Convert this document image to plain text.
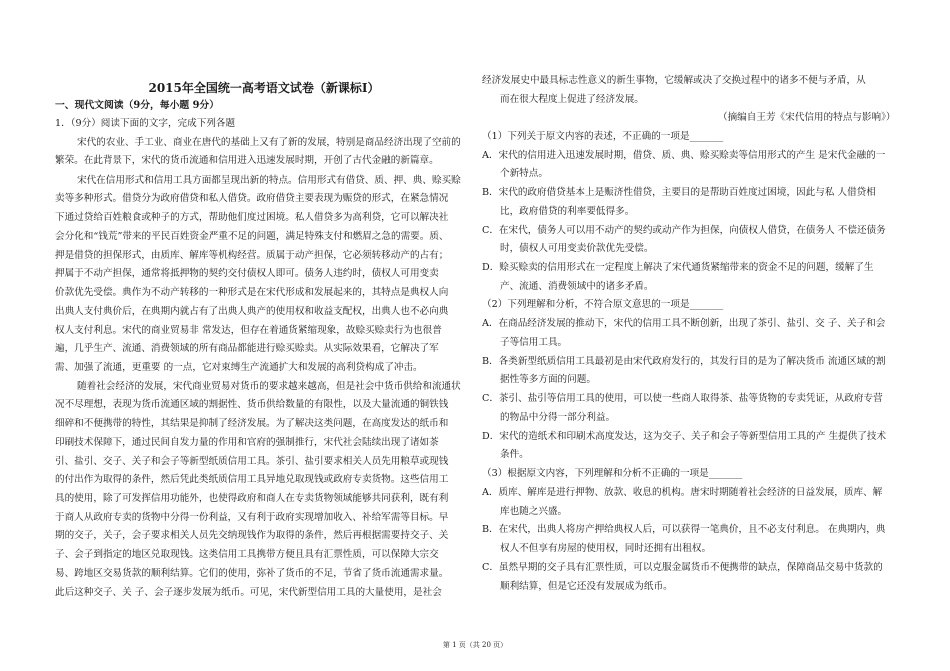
2015年全国统一高考语文试卷（新课标Ⅰ）
一、现代文阅读（9分，每小题 9分）
1．（9分）阅读下面的文字，完成下列各题
宋代的农业、手工业、商业在唐代的基础上又有了新的发展，特别是商品经济出现了空前的
繁荣。在此背景下，宋代的货币流通和信用进入迅速发展时期，开创了古代金融的新篇章。
宋代在信用形式和信用工具方面都呈现出新的特点。信用形式有借贷、质、押、典、赊买赊
卖等多种形式。借贷分为政府借贷和私人借贷。政府借贷主要表现为赈贷的形式，在紧急情况
下通过贷给百姓粮食或种子的方式，帮助他们度过困境。私人借贷多为高利贷，它可以解决社
会分化和“钱荒”带来的平民百姓资金严重不足的问题，满足特殊支付和燃眉之急的需要。质、
押是借贷的担保形式，由质库、解库等机构经营。质属于动产担保，它必须转移动产的占有；
押属于不动产担保，通常将抵押物的契约交付债权人即可。债务人违约时，债权人可用变卖
价款优先受偿。典作为不动产转移的一种形式是在宋代形成和发展起来的，其特点是典权人向
出典人支付典价后，在典期内就占有了出典人典产的使用权和收益支配权，出典人也不必向典
权人支付利息。宋代的商业贸易非 常发达，但存在着通货紧缩现象，故赊买赊卖行为也很普
遍，几乎生产、流通、消费领域的所有商品都能进行赊买赊卖。从实际效果看，它解决了军
需、加强了流通，更重要 的一点，它对束缚生产流通扩大和发展的高利贷构成了冲击。
随着社会经济的发展，宋代商业贸易对货币的要求越来越高，但是社会中货币供给和流通状
况不尽理想，表现为货币流通区域的割据性、货币供给数量的有限性，以及大量流通的铜铁钱
细碎和不便携带的特性，其结果是抑制了经济发展。为了解决这类问题，在高度发达的纸币和
印刷技术保障下，通过民间自发力量的作用和官府的强制推行，宋代社会陆续出现了诸如茶
引、盐引、交子、关子和会子等新型纸质信用工具。茶引、盐引要求相关人员先用粮草或现钱
的付出作为取得的条件，然后凭此类纸质信用工具异地兑取现钱或政府专卖货物。这些信用工
具的使用，除了可发挥信用功能外，也使得政府和商人在专卖货物领域能够共同获利，既有利
于商人从政府专卖的货物中分得一份利益，又有利于政府实现增加收入、补给军需等目标。早
期的交子，关子，会子要求相关人员先交纳现钱作为取得的条件，然后再根据需要持交子、关
子、会子到指定的地区兑取现钱。这类信用工具携带方便且具有汇票性质，可以保障大宗交
易、跨地区交易货款的顺利结算。它们的使用，弥补了货币的不足，节省了货币流通需求量。
此后这种交子、关 子、会子逐步发展为纸币。可见，宋代新型信用工具的大量使用，是社会
经济发展史中最具标志性意义的新生事物，它缓解或决了交换过程中的诸多不便与矛盾，从
而在很大程度上促进了经济发展。
（摘编自王芳《宋代信用的特点与影响》）
（1）下列关于原文内容的表述，不正确的一项是_______
A．宋代的信用进入迅速发展时期，借贷、质、典、赊买赊卖等信用形式的产生 是宋代金融的一
个新特点。
B．宋代的政府借贷基本上是赈济性借贷，主要目的是帮助百姓度过困境，因此与私 人借贷相
比，政府借贷的利率要低得多。
C．在宋代，债务人可以用不动产的契约或动产作为担保，向债权人借贷，在债务人 不偿还债务
时，债权人可用变卖价款优先受偿。
D．赊买赊卖的信用形式在一定程度上解决了宋代通货紧缩带来的资金不足的问题，缓解了生
产、流通、消费领域中的诸多矛盾。
（2）下列理解和分析，不符合原文意思的一项是_______
A．在商品经济发展的推动下，宋代的信用工具不断创新，出现了茶引、盐引、交 子、关子和会
子等信用工具。
B．各类新型纸质信用工具最初是由宋代政府发行的，其发行目的是为了解决货币 流通区域的割
据性等多方面的问题。
C．茶引、盐引等信用工具的使用，可以使一些商人取得茶、盐等货物的专卖凭证，从政府专营
的物品中分得一部分利益。
D．宋代的造纸术和印刷术高度发达，这为交子、关子和会子等新型信用工具的产 生提供了技术
条件。
（3）根据原文内容，下列理解和分析不正确的一项是_______
A．质库、解库是进行押物、放款、收息的机构。唐宋时期随着社会经济的日益发展，质库、解
库也随之兴盛。
B．在宋代，出典人将房产押给典权人后，可以获得一笔典价，且不必支付利息。 在典期内，典
权人不但享有房屋的使用权，同时还拥有出租权。
C．虽然早期的交子具有汇票性质，可以克服金属货币不便携带的缺点，保障商品交易中货款的
顺利结算，但是它还没有发展成为纸币。
第 1 页（共 20 页）
